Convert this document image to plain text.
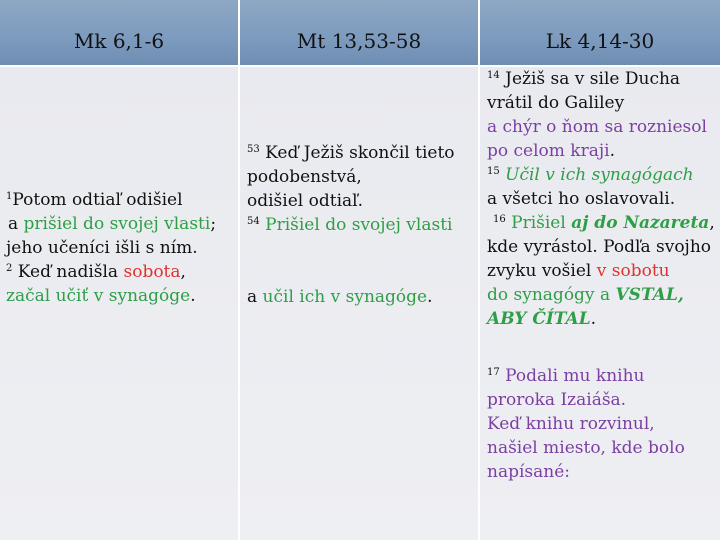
Mk 6,1-6
$^1$Potom odtiaľ odišiel
a prišiel do svojej vlasti;
jeho učeníci išli s ním.
$^2$ Keď nadišla sobota,
začal učiť v synagóge.
Mt 13,53-58
$^{53}$ Keď Ježiš skončil tieto
podobenstvá,
odišiel odtiaľ.
$^{54}$ Prišiel do svojej vlasti
a učil ich v synagóge.
Lk 4,14-30
$^{14}$ Ježiš sa v sile Ducha
vrátil do Galiley
a chýr o ňom sa rozniesol
po celom kraji.
$^{15}$ Učil v ich synagógach
a všetci ho oslavovali.
$^{16}$ Prišiel aj do Nazareta,
kde vyrástol. Podľa svojho
zvyku vošiel v sobotu
do synagógy a VSTAL,
ABY ČÍTAL.
$^{17}$ Podali mu knihu
proroka Izaiáša.
Keď knihu rozvinul,
našiel miesto, kde bolo
napísané:
